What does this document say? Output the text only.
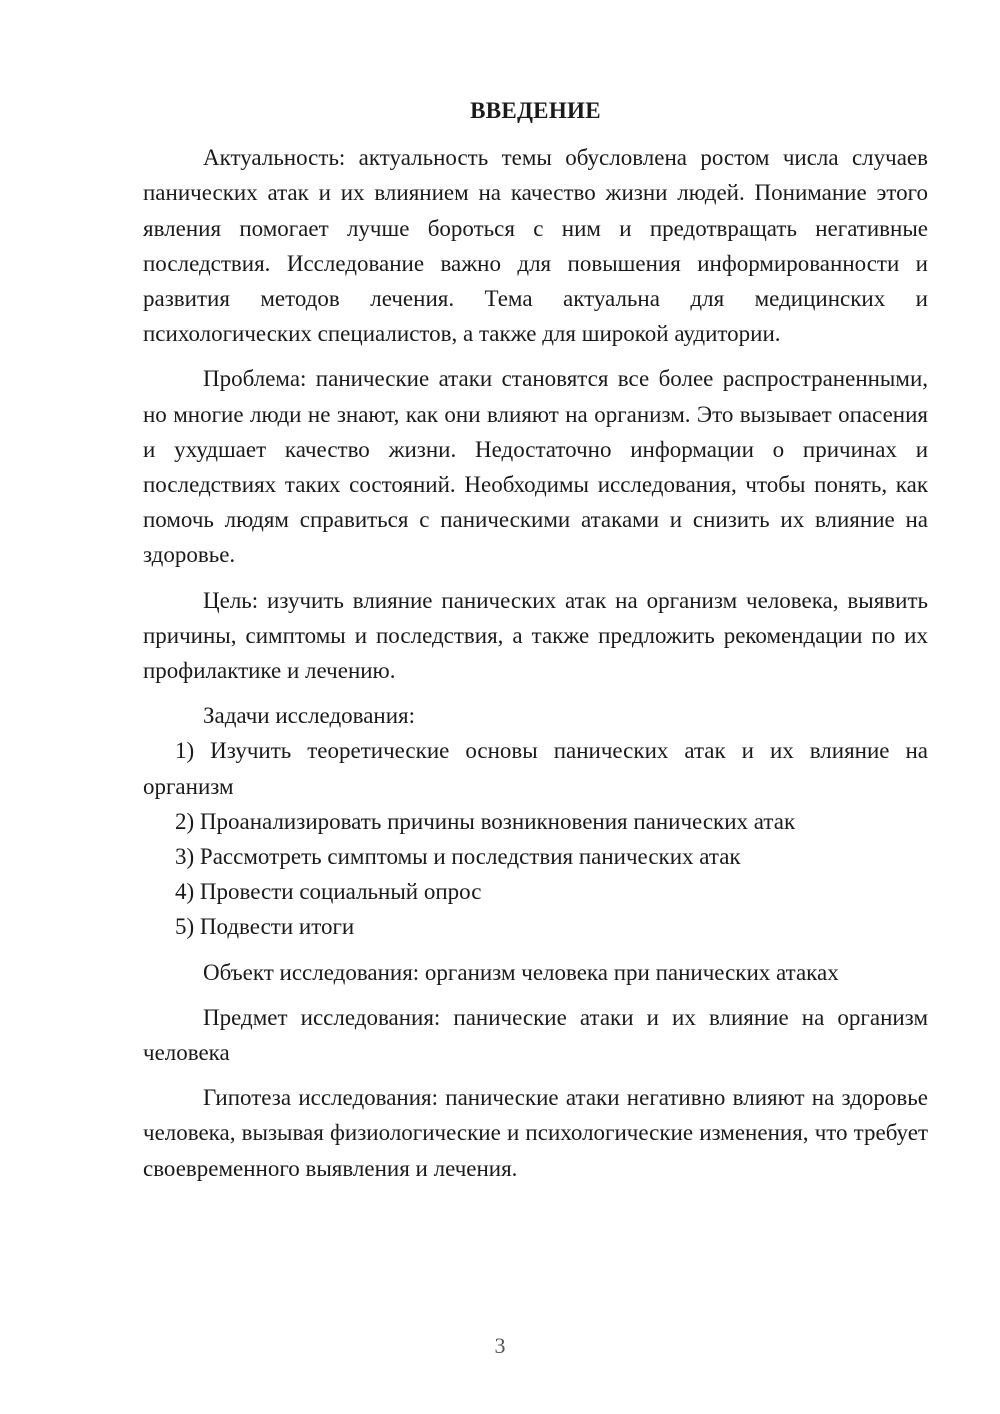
ВВЕДЕНИЕ

Актуальность: актуальность темы обусловлена ростом числа случаев панических атак и их влиянием на качество жизни людей. Понимание этого явления помогает лучше бороться с ним и предотвращать негативные последствия. Исследование важно для повышения информированности и развития методов лечения. Тема актуальна для медицинских и психологических специалистов, а также для широкой аудитории.

Проблема: панические атаки становятся все более распространенными, но многие люди не знают, как они влияют на организм. Это вызывает опасения и ухудшает качество жизни. Недостаточно информации о причинах и последствиях таких состояний. Необходимы исследования, чтобы понять, как помочь людям справиться с паническими атаками и снизить их влияние на здоровье.

Цель: изучить влияние панических атак на организм человека, выявить причины, симптомы и последствия, а также предложить рекомендации по их профилактике и лечению.

Задачи исследования:

1) Изучить теоретические основы панических атак и их влияние на организм

2) Проанализировать причины возникновения панических атак

3) Рассмотреть симптомы и последствия панических атак

4) Провести социальный опрос

5) Подвести итоги

Объект исследования: организм человека при панических атаках

Предмет исследования: панические атаки и их влияние на организм человека

Гипотеза исследования: панические атаки негативно влияют на здоровье человека, вызывая физиологические и психологические изменения, что требует своевременного выявления и лечения.

3
